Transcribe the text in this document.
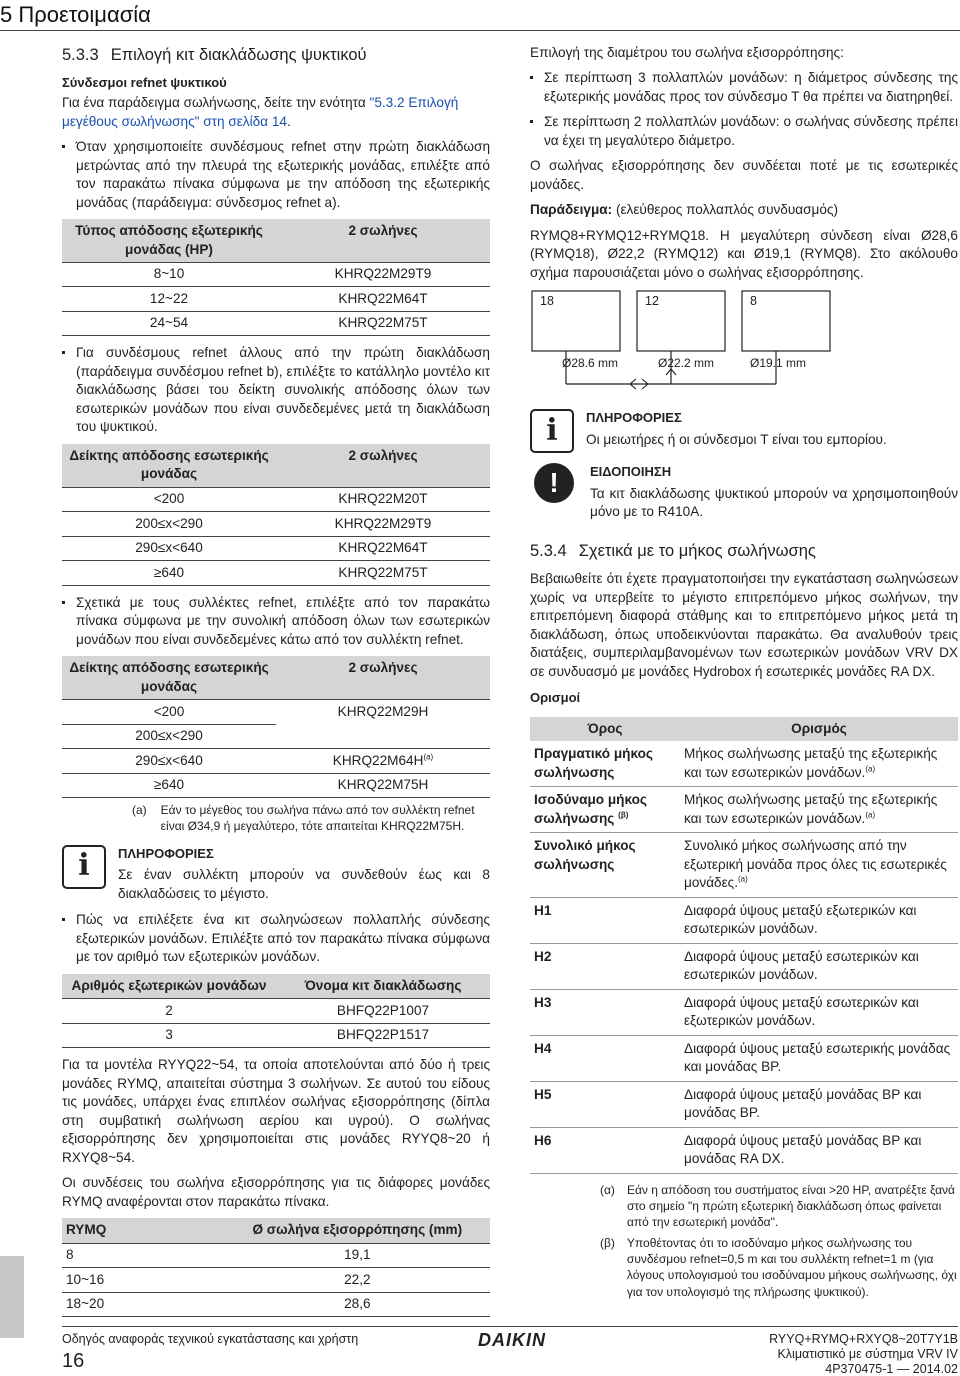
5 Προετοιμασία
5.3.3 Επιλογή κιτ διακλάδωσης ψυκτικού
Σύνδεσμοι refnet ψυκτικού

Για ένα παράδειγμα σωλήνωσης, δείτε την ενότητα "5.3.2 Επιλογή μεγέθους σωλήνωσης" στη σελίδα 14.

Όταν χρησιμοποιείτε συνδέσμους refnet στην πρώτη διακλάδωση μετρώντας από την πλευρά της εξωτερικής μονάδας, επιλέξτε από τον παρακάτω πίνακα σύμφωνα με την απόδοση της εξωτερικής μονάδας (παράδειγμα: σύνδεσμος refnet a).
Τύπος απόδοσης εξωτερικής μονάδας (HP)	2 σωλήνες
8~10	KHRQ22M29T9
12~22	KHRQ22M64T
24~54	KHRQ22M75T
Για συνδέσμους refnet άλλους από την πρώτη διακλάδωση (παράδειγμα συνδέσμου refnet b), επιλέξτε το κατάλληλο μοντέλο κιτ διακλάδωσης βάσει του δείκτη συνολικής απόδοσης όλων των εσωτερικών μονάδων που είναι συνδεδεμένες μετά τη διακλάδωση του ψυκτικού.
Δείκτης απόδοσης εσωτερικής μονάδας	2 σωλήνες
<200	KHRQ22M20T
200≤x<290	KHRQ22M29T9
290≤x<640	KHRQ22M64T
≥640	KHRQ22M75T
Σχετικά με τους συλλέκτες refnet, επιλέξτε από τον παρακάτω πίνακα σύμφωνα με την συνολική απόδοση όλων των εσωτερικών μονάδων που είναι συνδεδεμένες κάτω από τον συλλέκτη refnet.
Δείκτης απόδοσης εσωτερικής μονάδας	2 σωλήνες
<200	KHRQ22M29H
200≤x<290	
290≤x<640	$KHRQ22M64H^{(a)}$
≥640	KHRQ22M75H
(a) Εάν το μέγεθος του σωλήνα πάνω από τον συλλέκτη refnet είναι Ø34,9 ή μεγαλύτερο, τότε απαιτείται KHRQ22M75H.
i ΠΛΗΡΟΦΟΡΙΕΣ
Σε έναν συλλέκτη μπορούν να συνδεθούν έως και 8 διακλαδώσεις το μέγιστο.
Πώς να επιλέξετε ένα κιτ σωληνώσεων πολλαπλής σύνδεσης εξωτερικών μονάδων. Επιλέξτε από τον παρακάτω πίνακα σύμφωνα με τον αριθμό των εξωτερικών μονάδων.
Αριθμός εξωτερικών μονάδων	Όνομα κιτ διακλάδωσης
2	BHFQ22P1007
3	BHFQ22P1517

Για τα μοντέλα RYYQ22~54, τα οποία αποτελούνται από δύο ή τρεις μονάδες RYMQ, απαιτείται σύστημα 3 σωλήνων. Σε αυτού του είδους τις μονάδες, υπάρχει ένας επιπλέον σωλήνας εξισορρόπησης (δίπλα στη συμβατική σωλήνωση αερίου και υγρού). Ο σωλήνας εξισορρόπησης δεν χρησιμοποιείται στις μονάδες RYYQ8~20 ή RXYQ8~54.

Οι συνδέσεις του σωλήνα εξισορρόπησης για τις διάφορες μονάδες RYMQ αναφέρονται στον παρακάτω πίνακα.

RYMQ	Ø σωλήνα εξισορρόπησης (mm)
8	19,1
10~16	22,2
18~20	28,6

Επιλογή της διαμέτρου του σωλήνα εξισορρόπησης:

Σε περίπτωση 3 πολλαπλών μονάδων: η διάμετρος σύνδεσης της εξωτερικής μονάδας προς τον σύνδεσμο Τ θα πρέπει να διατηρηθεί.
Σε περίπτωση 2 πολλαπλών μονάδων: ο σωλήνας σύνδεσης πρέπει να έχει τη μεγαλύτερο διάμετρο.

Ο σωλήνας εξισορρόπησης δεν συνδέεται ποτέ με τις εσωτερικές μονάδες.

Παράδειγμα: (ελεύθερος πολλαπλός συνδυασμός)

RYMQ8+RYMQ12+RYMQ18. Η μεγαλύτερη σύνδεση είναι Ø28,6 (RYMQ18), Ø22,2 (RYMQ12) και Ø19,1 (RYMQ8). Στο ακόλουθο σχήμα παρουσιάζεται μόνο ο σωλήνας εξισορρόπησης.

18	12	8
Ø28.6 mm	Ø22.2 mm	Ø19.1 mm
i ΠΛΗΡΟΦΟΡΙΕΣ
Οι μειωτήρες ή οι σύνδεσμοι T είναι του εμπορίου.
!	ΕΙΔΟΠΟΙΗΣΗ
Τα κιτ διακλάδωσης ψυκτικού μπορούν να χρησιμοποιηθούν μόνο με το R410A.
5.3.4 Σχετικά με το μήκος σωλήνωσης

Βεβαιωθείτε ότι έχετε πραγματοποιήσει την εγκατάσταση σωληνώσεων χωρίς να υπερβείτε το μέγιστο επιτρεπόμενο μήκος σωλήνων, την επιτρεπόμενη διαφορά στάθμης και το επιτρεπόμενο μήκος μετά τη διακλάδωση, όπως υποδεικνύονται παρακάτω. Θα αναλυθούν τρεις διατάξεις, συμπεριλαμβανομένων των εσωτερικών μονάδων VRV DX σε συνδυασμό με μονάδες Hydrobox ή εσωτερικές μονάδες RA DX.

Ορισμοί
Όρος	Ορισμός
Πραγματικό μήκος σωλήνωσης	Μήκος σωλήνωσης μεταξύ της εξωτερικής και των εσωτερικών μονάδων.$^{(a)}$
Ισοδύναμο μήκος σωλήνωσης $^{(\beta)}$	Μήκος σωλήνωσης μεταξύ της εξωτερικής και των εσωτερικών μονάδων.$^{(a)}$
Συνολικό μήκος σωλήνωσης	Συνολικό μήκος σωλήνωσης από την εξωτερική μονάδα προς όλες τις εσωτερικές μονάδες.$^{(a)}$
H1	Διαφορά ύψους μεταξύ εξωτερικών και εσωτερικών μονάδων.
H2	Διαφορά ύψους μεταξύ εσωτερικών και εσωτερικών μονάδων.
H3	Διαφορά ύψους μεταξύ εσωτερικών και εξωτερικών μονάδων.
H4	Διαφορά ύψους μεταξύ εσωτερικής μονάδας και μονάδας BP.
H5	Διαφορά ύψους μεταξύ μονάδας BP και μονάδας BP.
H6	Διαφορά ύψους μεταξύ μονάδας BP και μονάδας RA DX.
(α) Εάν η απόδοση του συστήματος είναι >20 HP, ανατρέξτε ξανά στο σημείο "η πρώτη εξωτερική διακλάδωση όπως φαίνεται από την εσωτερική μονάδα".
(β) Υποθέτοντας ότι το ισοδύναμο μήκος σωλήνωσης του συνδέσμου refnet=0,5 m και του συλλέκτη refnet=1 m (για λόγους υπολογισμού του ισοδύναμου μήκους σωλήνωσης, όχι για τον υπολογισμό της πλήρωσης ψυκτικού).
Οδηγός αναφοράς τεχνικού εγκατάστασης και χρήστη
16
DAIKIN	RYYQ+RYMQ+RXYQ8~20T7Y1B
Κλιματιστικό με σύστημα VRV IV
4P370475-1 — 2014.02
